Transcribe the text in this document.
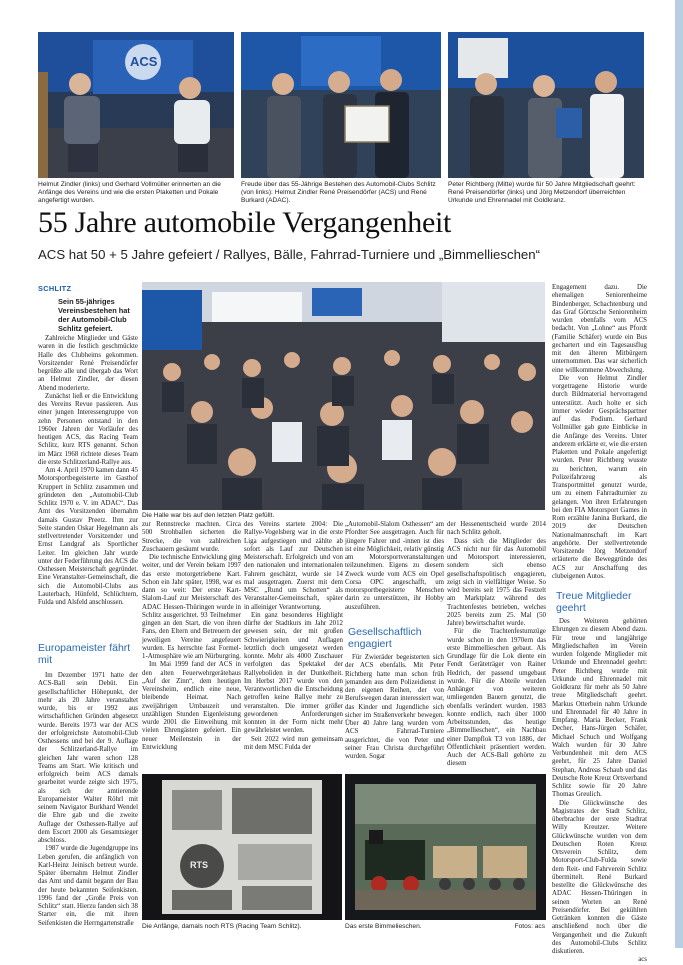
ACS
Helmut Zindler (links) und Gerhard Vollmüller erinnerten an die Anfänge des Vereins und wie die ersten Plaketten und Pokale angefertigt wurden.
Freude über das 55-Jährige Bestehen des Automobil-Clubs Schlitz (von links): Helmut Zindler René Preisendörfer (ACS) und René Burkard (ADAC).
Peter Richtberg (Mitte) wurde für 50 Jahre Mitgliedschaft geehrt: René Preisendörfer (links) und Jörg Metzendorf überreichten Urkunde und Ehrennadel mit Goldkranz.
55 Jahre automobile Vergangenheit
ACS hat 50 + 5 Jahre gefeiert / Rallyes, Bälle, Fahrrad-Turniere und „Bimmellieschen“
SCHLITZ
Sein 55-jähriges Vereinsbestehen hat der Automobil-Club Schlitz gefeiert.

Zahlreiche Mitglieder und Gäste waren in die festlich geschmückte Halle des Clubheims gekommen. Vorsitzender René Preisendörfer begrüßte alle und übergab das Wort an Helmut Zindler, der diesen Abend moderierte.

Zunächst ließ er die Entwicklung des Vereins Revue passieren. Aus einer jungen Interessengruppe von zehn Personen entstand in den 1960er Jahren der Vorläufer des heutigen ACS, das Racing Team Schlitz, kurz RTS genannt. Schon im März 1968 richtete dieses Team die erste Schlitzerland-Rallye aus.

Am 4. April 1970 kamen dann 45 Motorsportbegeisterte im Gasthof Kruppert in Schlitz zusammen und gründeten den „Automobil-Club Schlitz 1970 e. V. im ADAC“. Das Amt des Vorsitzenden übernahm damals Gustav Preetz. Ihm zur Seite standen Oskar Hegelmann als stellvertretender Vorsitzender und Ernst Landgraf als Sportlicher Leiter. Im gleichen Jahr wurde unter der Federführung des ACS die Osthessen Meisterschaft gegründet. Eine Veranstalter-Gemeinschaft, die sich die Automobil-Clubs aus Lauterbach, Hünfeld, Schlüchtern, Fulda und Alsfeld anschlossen.

Europameister fährt mit

Im Dezember 1971 hatte der ACS-Ball sein Debüt. Ein gesellschaftlicher Höhepunkt, der mehr als 20 Jahre veranstaltet wurde, bis er 1992 aus wirtschaftlichen Gründen abgesetzt wurde. Bereits 1973 war der ACS der erfolgreichste Automobil-Club Osthessens und bei der 9. Auflage der Schlitzerland-Rallye im gleichen Jahr waren schon 128 Teams am Start. Wie kritisch und erfolgreich beim ACS damals gearbeitet wurde zeigte sich 1975, als sich der amtierende Europameister Walter Röhrl mit seinem Navigator Burkhard Wendel die Ehre gab und die zweite Auflage der Osthessen-Rallye auf dem Escort 2000 als Gesamtsieger abschloss.

1987 wurde die Jugendgruppe ins Leben gerufen, die anfänglich von Karl-Heinz Jeinisch betreut wurde. Später übernahm Helmut Zindler das Amt und damit begann der Bau der heute bekannten Seifenkisten. 1996 fand der „Große Preis von Schlitz“ statt. Hierzu fanden sich 38 Starter ein, die mit ihren Seifenkisten die Herrngartenstraße

Die Halle war bis auf den letzten Platz gefüllt.

zur Rennstrecke machten. Circa 500 Strohballen sicherten die Strecke, die von zahlreichen Zuschauern gesäumt wurde.

Die technische Entwicklung ging weiter, und der Verein bekam 1997 das erste motorgetriebene Kart. Schon ein Jahr später, 1998, war es dann so weit: Der erste Kart-Slalom-Lauf zur Meisterschaft des ADAC Hessen-Thüringen wurde in Schlitz ausgerichtet. 93 Teilnehmer gingen an den Start, die von ihren Fans, den Eltern und Betreuern der jeweiligen Vereine angefeuert wurden. Es herrschte fast Formel-1-Atmosphäre wie am Nürburgring.

Im Mai 1999 fand der ACS in den alten Feuerwehrgerätehaus „Auf der Zinn“, dem heutigen Vereinsheim, endlich eine neue, bleibende Heimat. Nach zweijährigen Umbauzeit und unzähligen Stunden Eigenleistung wurde 2001 die Einweihung mit vielen Ehrengästen gefeiert. Ein neuer Meilenstein in der Entwicklung

des Vereins startete 2004: Die Rallye-Vogelsberg war in die erste Liga aufgestiegen und zählte ab sofort als Lauf zur Deutschen Meisterschaft. Erfolgreich und von den nationalen und internationalen Fahrern geschätzt, wurde sie 14 mal ausgetragen. Zuerst mit dem MSC „Rund um Schotten“ als Veranstalter-Gemeinschaft, später in alleiniger Verantwortung.

Ein ganz besonderes Highlight dürfte der Stadtkurs im Jahr 2012 gewesen sein, der mit großen Schwierigkeiten und Auflagen letztlich doch umgesetzt werden konnte. Mehr als 4000 Zuschauer verfolgten das Spektakel der Rallyeboliden in der Dunkelheit. Im Herbst 2017 wurde von den Verantwortlichen die Entscheidung getroffen keine Rallye mehr zu veranstalten. Die immer größer gewordenen Anforderungen konnten in der Form nicht mehr gewährleistet werden.

Seit 2022 wird nun gemeinsam mit dem MSC Fulda der

„Automobil-Slalom Osthessen“ am Pfordter See ausgetragen. Auch für jüngere Fahrer und -innen ist dies ist eine Möglichkeit, relativ günstig am Motorsportveranstaltungen teilzunehmen. Eigens zu diesem Zweck wurde vom ACS ein Opel Corsa OPC angeschafft, um motorsportbegeisterte Menschen darin zu unterstützen, ihr Hobby auszuführen.

Gesellschaftlich engagiert

Für Zwieräder begeisterten sich der ACS ebenfalls. Mit Peter Richtberg hatte man schon früh jemanden aus dem Polizeidienst in den eigenen Reihen, der von Berufswegen daran interessiert war, das Kinder und Jugendliche sich sicher im Straßenverkehr bewegen. Über 40 Jahre lang wurden vom ACS Fahrrad-Turniere ausgerichtet, die von Peter und seiner Frau Christa durchgeführt wurden. Sogar

der Hessenentscheid wurde 2014 nach Schlitz geholt.

Dass sich die Mitglieder des ACS nicht nur für das Automobil und Motorsport interessieren, sondern sich ebenso gesellschaftspolitisch engagieren, zeigt sich in vielfältiger Weise. So wird bereits seit 1975 das Festzelt am Marktplatz während des Trachtenfestes betrieben, welches 2025 bereits zum 25. Mal (50 Jahre) bewirtschaftet wurde.

Für die Trachtenfestumzüge wurde schon in den 1970ern das erste Bimmellieschen gebaut. Als Grundlage für die Lok diente ein Fendt Geräteträger von Rainer Hedrich, der passend umgebaut wurde. Für die Abteile wurden Anhänger von weiteren umliegenden Bauern genutzt, die ebenfalls verändert wurden. 1983 konnte endlich, nach über 1000 Arbeitsstunden, das heutige „Bimmellieschen“, ein Nachbau einer Dampflok T3 von 1886, der Öffentlichkeit präsentiert werden. Auch der ACS-Ball gehörte zu diesem

Engagement dazu. Die ehemaligen Seniorenheime Bindenberger, Schachtenburg und das Graf Görtzsche Seniorenheim wurden ebenfalls vom ACS bedacht. Von „Lohne“ aus Pfordt (Familie Schäfer) wurde ein Bus gechartert und ein Tagesausflug mit den älteren Mitbürgern unternommen. Das war sicherlich eine willkommene Abwechslung.

Die von Helmut Zindler vorgetragene Historie wurde durch Bildmaterial hervorragend unterstützt. Auch holte er sich immer wieder Gesprächspartner auf das Podium. Gerhard Vollmüller gab gute Einblicke in die Anfänge des Vereins. Unter anderem erklärte er, wie die ersten Plaketten und Pokale angefertigt wurden. Peter Richtberg wusste zu berichten, warum ein Polizeifahrzeug als Transportmittel genutzt wurde, um zu einem Fahrradturnier zu gelangen. Von ihren Erfahrungen bei den FIA Motorsport Games in Rom erzählte Janina Burkard, die 2019 der Deutschen Nationalmannschaft im Kart angehörte. Der stellvertretende Vorsitzende Jörg Metzendorf erläuterte die Beweggründe des ACS zur Anschaffung des clubeigenen Autos.

Treue Mitglieder geehrt

Des Weiteren gehörten Ehrungen zu diesem Abend dazu. Für treue und langjährige Mitgliedschaften im Verein wurden folgende Mitglieder mit Urkunde und Ehrennadel geehrt: Peter Richtberg wurde mit Urkunde und Ehrennadel mit Goldkranz für mehr als 50 Jahre treue Mitgliedschaft geehrt. Markus Otterbein nahm Urkunde und Ehrennadel für 40 Jahre in Empfang. Maria Becker, Frank Decher, Hans-Jürgen Schäfer, Michael Schuch und Wolfgang Walch wurden für 30 Jahre Verbundenheit mit dem ACS geehrt, für 25 Jahre Daniel Stephan, Andreas Schaub und das Deutsche Rote Kreuz Ortsverband Schlitz sowie für 20 Jahre Thomas Greulich.

Die Glückwünsche des Magistrates der Stadt Schlitz, überbrachte der erste Stadtrat Willy Kreutzer. Weitere Glückwünsche wurden von dem Deutschen Roten Kreuz Ortsverein Schlitz, dem Motorsport-Club-Fulda sowie dem Reit- und Fahrverein Schlitz übermittelt. René Burkard bestellte die Glückwünsche des ADAC Hessen-Thüringen in seinen Worten an René Preisendörfer. Bei gekühlten Getränken konnten die Gäste anschließend noch über die Vergangenheit und die Zukunft des Automobil-Clubs Schlitz diskutieren.

acs

RTS
Die Anfänge, damals noch RTS (Racing Team Schlitz).	Das erste Bimmelieschen.	Fotos: acs
